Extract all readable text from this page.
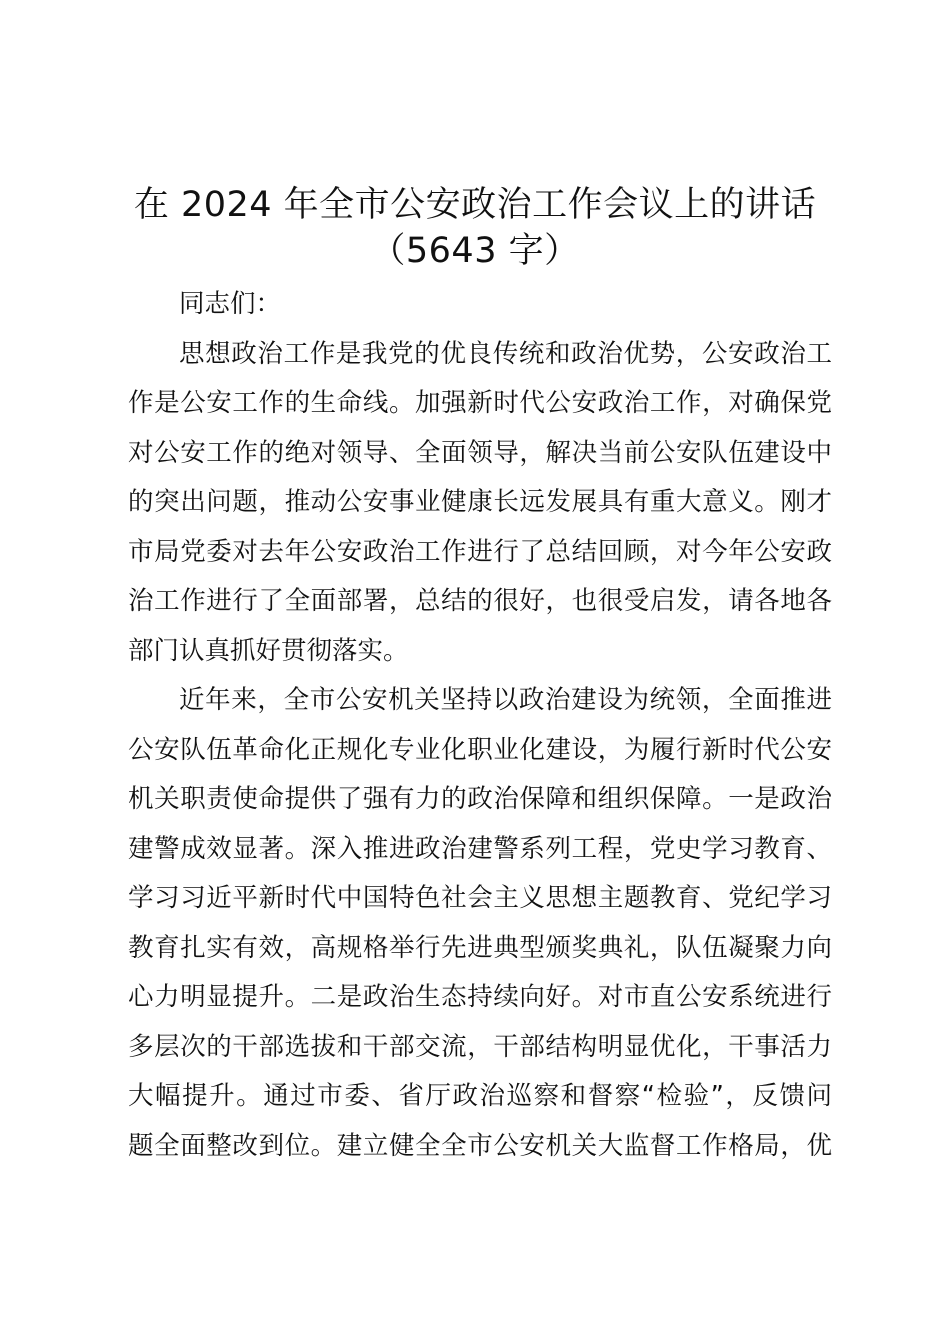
在 2024 年全市公安政治工作会议上的讲话
（5643 字）
同志们：
思想政治工作是我党的优良传统和政治优势，公安政治工
作是公安工作的生命线。加强新时代公安政治工作，对确保党
对公安工作的绝对领导、全面领导，解决当前公安队伍建设中
的突出问题，推动公安事业健康长远发展具有重大意义。刚才
市局党委对去年公安政治工作进行了总结回顾，对今年公安政
治工作进行了全面部署，总结的很好，也很受启发，请各地各
部门认真抓好贯彻落实。
近年来，全市公安机关坚持以政治建设为统领，全面推进
公安队伍革命化正规化专业化职业化建设，为履行新时代公安
机关职责使命提供了强有力的政治保障和组织保障。一是政治
建警成效显著。深入推进政治建警系列工程，党史学习教育、
学习习近平新时代中国特色社会主义思想主题教育、党纪学习
教育扎实有效，高规格举行先进典型颁奖典礼，队伍凝聚力向
心力明显提升。二是政治生态持续向好。对市直公安系统进行
多层次的干部选拔和干部交流，干部结构明显优化，干事活力
大幅提升。通过市委、省厅政治巡察和督察“检验”，反馈问
题全面整改到位。建立健全全市公安机关大监督工作格局，优
